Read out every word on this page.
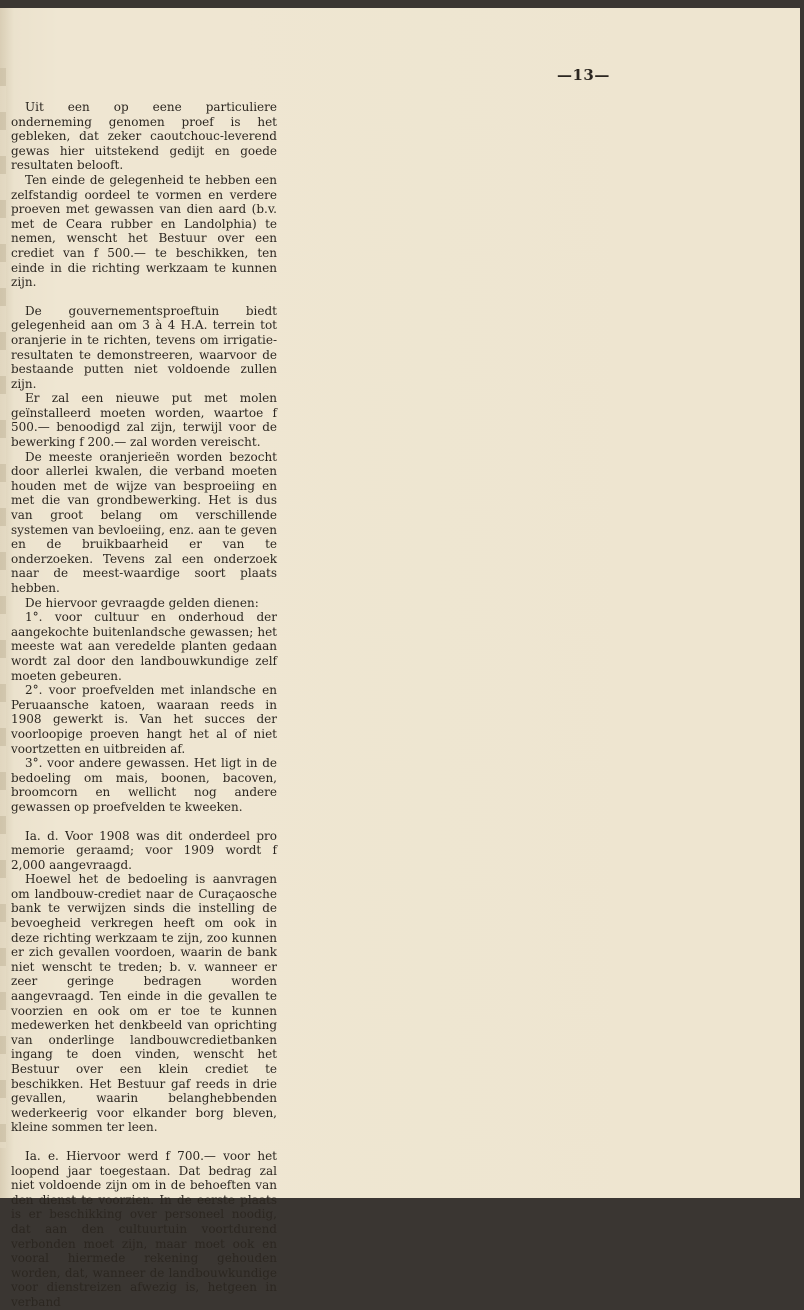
—13—

Uit een op eene particuliere onderneming genomen proef is het gebleken, dat zeker caoutchouc-leverend gewas hier uitstekend gedijt en goede resultaten belooft.

Ten einde de gelegenheid te hebben een zelfstandig oordeel te vormen en verdere proeven met gewassen van dien aard (b.v. met de Ceara rubber en Landolphia) te nemen, wenscht het Bestuur over een crediet van f 500.— te beschikken, ten einde in die richting werkzaam te kunnen zijn.

De gouvernementsproeftuin biedt gelegenheid aan om 3 à 4 H.A. terrein tot oranjerie in te richten, tevens om irrigatie-resultaten te demonstreeren, waarvoor de bestaande putten niet voldoende zullen zijn.

Er zal een nieuwe put met molen geïnstalleerd moeten worden, waartoe f 500.— benoodigd zal zijn, terwijl voor de bewerking f 200.— zal worden vereischt.

De meeste oranjerieën worden bezocht door allerlei kwalen, die verband moeten houden met de wijze van besproeiing en met die van grondbewerking. Het is dus van groot belang om verschillende systemen van bevloeiing, enz. aan te geven en de bruikbaarheid er van te onderzoeken. Tevens zal een onderzoek naar de meest-waardige soort plaats hebben.

De hiervoor gevraagde gelden dienen:

1°. voor cultuur en onderhoud der aangekochte buitenlandsche gewassen; het meeste wat aan veredelde planten gedaan wordt zal door den landbouwkundige zelf moeten gebeuren.

2°. voor proefvelden met inlandsche en Peruaansche katoen, waaraan reeds in 1908 gewerkt is. Van het succes der voorloopige proeven hangt het al of niet voortzetten en uitbreiden af.

3°. voor andere gewassen. Het ligt in de bedoeling om mais, boonen, bacoven, broomcorn en wellicht nog andere gewassen op proefvelden te kweeken.

Ia. d. Voor 1908 was dit onderdeel pro memorie geraamd; voor 1909 wordt f 2,000 aangevraagd.

Hoewel het de bedoeling is aanvragen om landbouw-crediet naar de Curaçaosche bank te verwijzen sinds die instelling de bevoegheid verkregen heeft om ook in deze richting werkzaam te zijn, zoo kunnen er zich gevallen voordoen, waarin de bank niet wenscht te treden; b. v. wanneer er zeer geringe bedragen worden aangevraagd. Ten einde in die gevallen te voorzien en ook om er toe te kunnen medewerken het denkbeeld van oprichting van onderlinge landbouwcredietbanken ingang te doen vinden, wenscht het Bestuur over een klein crediet te beschikken. Het Bestuur gaf reeds in drie gevallen, waarin belanghebbenden wederkeerig voor elkander borg bleven, kleine sommen ter leen.

Ia. e. Hiervoor werd f 700.— voor het loopend jaar toegestaan. Dat bedrag zal niet voldoende zijn om in de behoeften van den dienst te voorzien. In de eerste plaats is er beschikking over personeel noodig, dat aan den cultuurtuin voortdurend verbonden moet zijn, maar moet ook en vooral hiermede rekening gehouden worden, dat, wanneer de landbouwkundige voor dienstreizen afwezig is, hetgeen in verband
